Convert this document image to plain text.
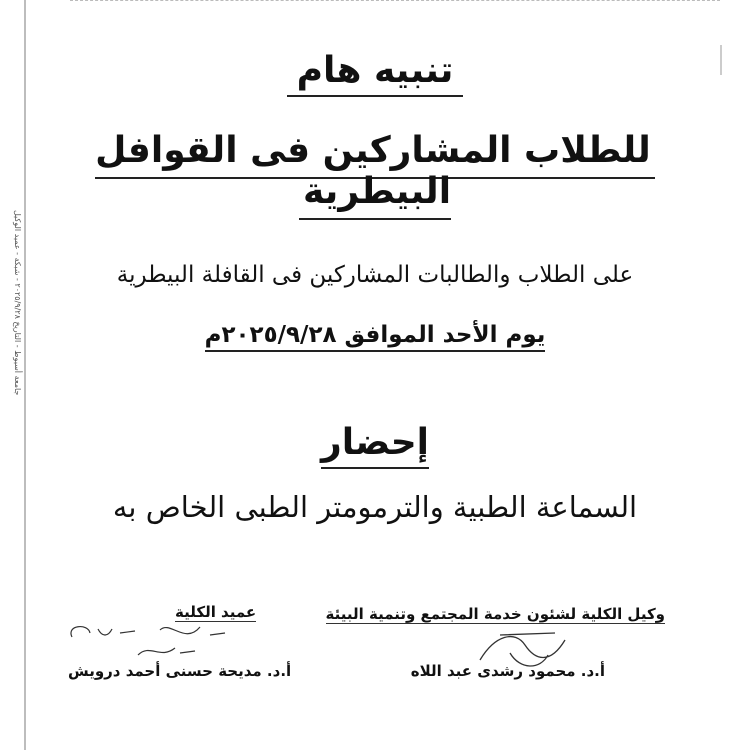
جامعة أسيوط - التاريخ ٢٠٢٥/٩/٢٨ - شبكة - عميد الوكيل
تنبيه هام
للطلاب المشاركين فى القوافل البيطرية
على الطلاب والطالبات المشاركين فى القافلة البيطرية
يوم الأحد الموافق ٢٠٢٥/٩/٢٨م
إحضار
السماعة الطبية والترمومتر الطبى الخاص به
وكيل الكلية لشئون خدمة المجتمع وتنمية البيئة
أ.د. محمود رشدى عبد اللاه
عميد الكلية
أ.د. مديحة حسنى أحمد درويش
